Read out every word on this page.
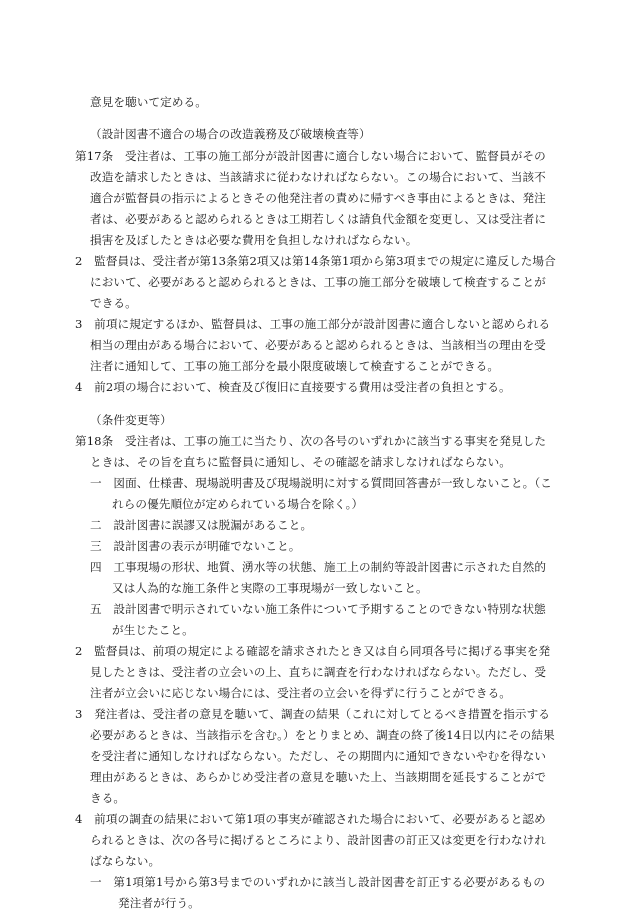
意見を聴いて定める。
（設計図書不適合の場合の改造義務及び破壊検査等）
第17条　受注者は、工事の施工部分が設計図書に適合しない場合において、監督員がその
改造を請求したときは、当該請求に従わなければならない。この場合において、当該不
適合が監督員の指示によるときその他発注者の責めに帰すべき事由によるときは、発注
者は、必要があると認められるときは工期若しくは請負代金額を変更し、又は受注者に
損害を及ぼしたときは必要な費用を負担しなければならない。
2　監督員は、受注者が第13条第2項又は第14条第1項から第3項までの規定に違反した場合
において、必要があると認められるときは、工事の施工部分を破壊して検査することが
できる。
3　前項に規定するほか、監督員は、工事の施工部分が設計図書に適合しないと認められる
相当の理由がある場合において、必要があると認められるときは、当該相当の理由を受
注者に通知して、工事の施工部分を最小限度破壊して検査することができる。
4　前2項の場合において、検査及び復旧に直接要する費用は受注者の負担とする。
（条件変更等）
第18条　受注者は、工事の施工に当たり、次の各号のいずれかに該当する事実を発見した
ときは、その旨を直ちに監督員に通知し、その確認を請求しなければならない。
一　図面、仕様書、現場説明書及び現場説明に対する質問回答書が一致しないこと。（こ
れらの優先順位が定められている場合を除く。）
二　設計図書に誤謬又は脱漏があること。
三　設計図書の表示が明確でないこと。
四　工事現場の形状、地質、湧水等の状態、施工上の制約等設計図書に示された自然的
又は人為的な施工条件と実際の工事現場が一致しないこと。
五　設計図書で明示されていない施工条件について予期することのできない特別な状態
が生じたこと。
2　監督員は、前項の規定による確認を請求されたとき又は自ら同項各号に掲げる事実を発
見したときは、受注者の立会いの上、直ちに調査を行わなければならない。ただし、受
注者が立会いに応じない場合には、受注者の立会いを得ずに行うことができる。
3　発注者は、受注者の意見を聴いて、調査の結果（これに対してとるべき措置を指示する
必要があるときは、当該指示を含む。）をとりまとめ、調査の終了後14日以内にその結果
を受注者に通知しなければならない。ただし、その期間内に通知できないやむを得ない
理由があるときは、あらかじめ受注者の意見を聴いた上、当該期間を延長することがで
きる。
4　前項の調査の結果において第1項の事実が確認された場合において、必要があると認め
られるときは、次の各号に掲げるところにより、設計図書の訂正又は変更を行わなけれ
ばならない。
一　第1項第1号から第3号までのいずれかに該当し設計図書を訂正する必要があるもの
発注者が行う。
